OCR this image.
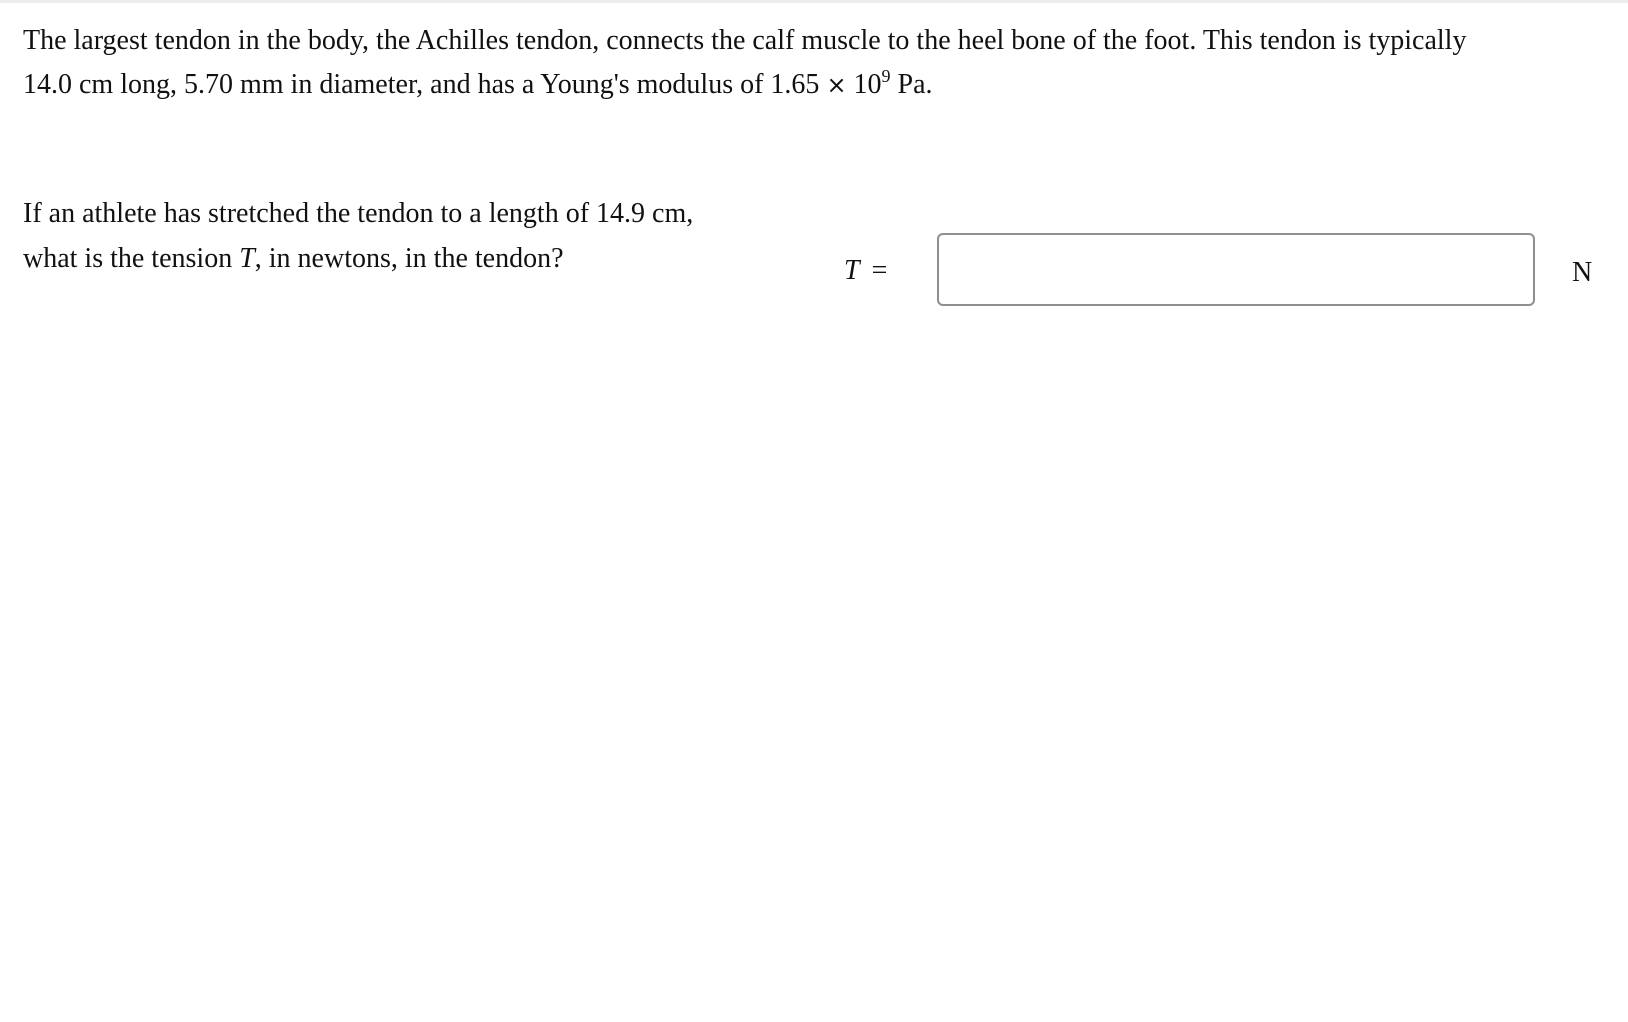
The largest tendon in the body, the Achilles tendon, connects the calf muscle to the heel bone of the foot. This tendon is typically
14.0 cm long, 5.70 mm in diameter, and has a Young's modulus of $1.65 \times 10^9$ Pa.

If an athlete has stretched the tendon to a length of 14.9 cm,
what is the tension T, in newtons, in the tendon?	T =	N
